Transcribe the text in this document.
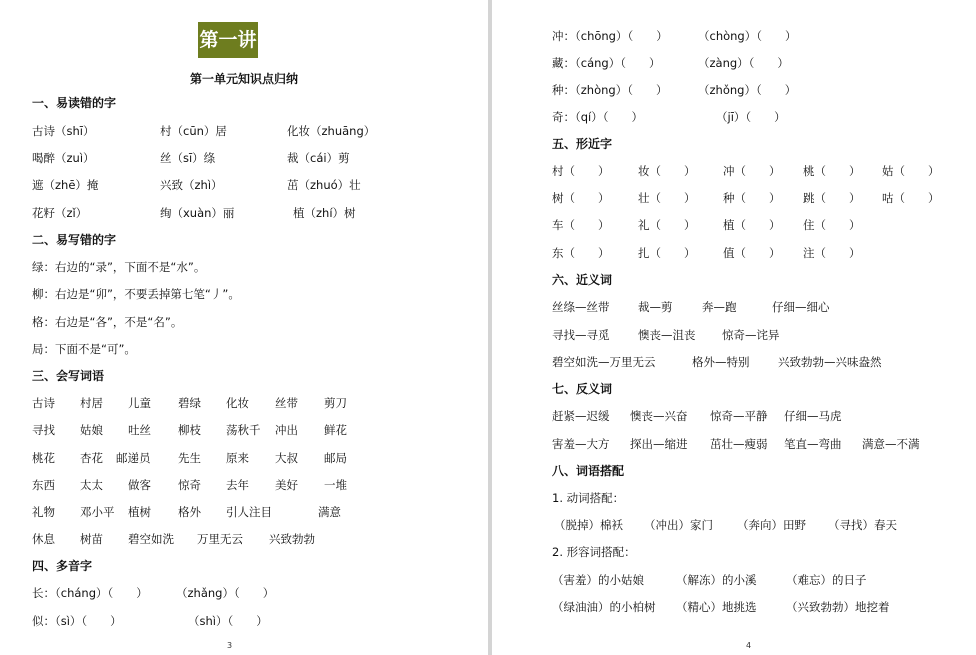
第一讲
第一单元知识点归纳
一、易读错的字
古诗（shī）	村（cūn）居	化妆（zhuāng）
喝醉（zuì）	丝（sī）绦	裁（cái）剪
遮（zhē）掩	兴致（zhì）	茁（zhuó）壮
花籽（zǐ）	绚（xuàn）丽	植（zhí）树
二、易写错的字
绿：右边的“录”，下面不是“水”。
柳：右边是“卯”，不要丢掉第七笔“丿”。
格：右边是“各”，不是“名”。
局：下面不是“可”。
三、会写词语
古诗 村居 儿童 碧绿 化妆 丝带 剪刀
寻找 姑娘 吐丝 柳枝 荡秋千 冲出 鲜花
桃花 杏花 邮递员 先生 原来 大叔 邮局
东西 太太 做客 惊奇 去年 美好 一堆
礼物 邓小平 植树 格外 引人注目	满意
休息 树苗 碧空如洗 万里无云 兴致勃勃
四、多音字
长：（cháng）（　　） （zhǎng）（　　）
似：（sì）（　　）	（shì）（　　）
3
冲：（chōng）（　　）	（chòng）（　　）
藏：（cáng）（　　）	（zàng）（　　）
种：（zhòng）（　　）	（zhǒng）（　　）
奇：（qí）（　　）	（jī）（　　）
五、形近字
村（　　） 妆（　　） 冲（　　） 桃（　　） 姑（　　）
树（　　） 壮（　　） 种（　　） 跳（　　） 咕（　　）
车（　　） 礼（　　） 植（　　） 住（　　）
东（　　） 扎（　　） 值（　　） 注（　　）
六、近义词
丝绦—丝带 裁—剪	奔—跑	仔细—细心
寻找—寻觅 懊丧—沮丧 惊奇—诧异
碧空如洗—万里无云	格外—特别 兴致勃勃—兴味盎然
七、反义词
赶紧—迟缓 懊丧—兴奋 惊奇—平静 仔细—马虎
害羞—大方 探出—缩进 茁壮—瘦弱 笔直—弯曲 满意—不满
八、词语搭配
1. 动词搭配：
（脱掉）棉袄 （冲出）家门 （奔向）田野 （寻找）春天
2. 形容词搭配：
（害羞）的小姑娘	（解冻）的小溪	（难忘）的日子
（绿油油）的小柏树 （精心）地挑选	（兴致勃勃）地挖着
4
